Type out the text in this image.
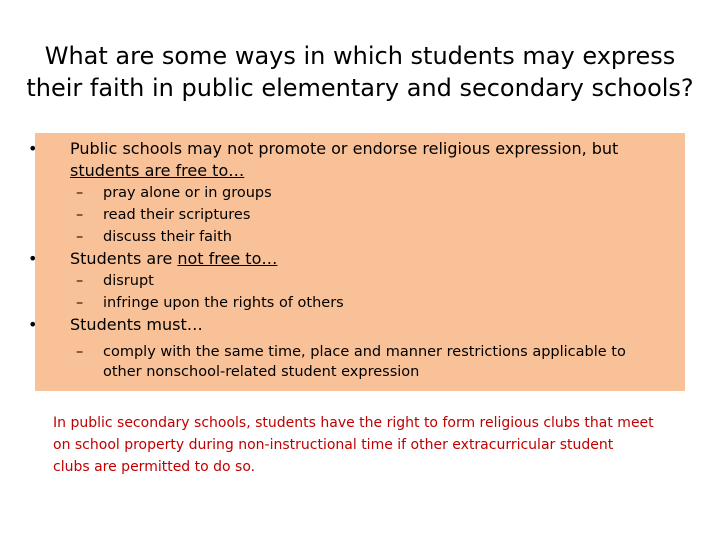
What are some ways in which students may express
their faith in public elementary and secondary schools?
• Public schools may not promote or endorse religious expression, but
students are free to…
– pray alone or in groups
– read their scriptures
– discuss their faith
• Students are not free to…
– disrupt
– infringe upon the rights of others
• Students must…
– comply with the same time, place and manner restrictions applicable to
other nonschool-related student expression
In public secondary schools, students have the right to form religious clubs that meet
on school property during non-instructional time if other extracurricular student
clubs are permitted to do so.
